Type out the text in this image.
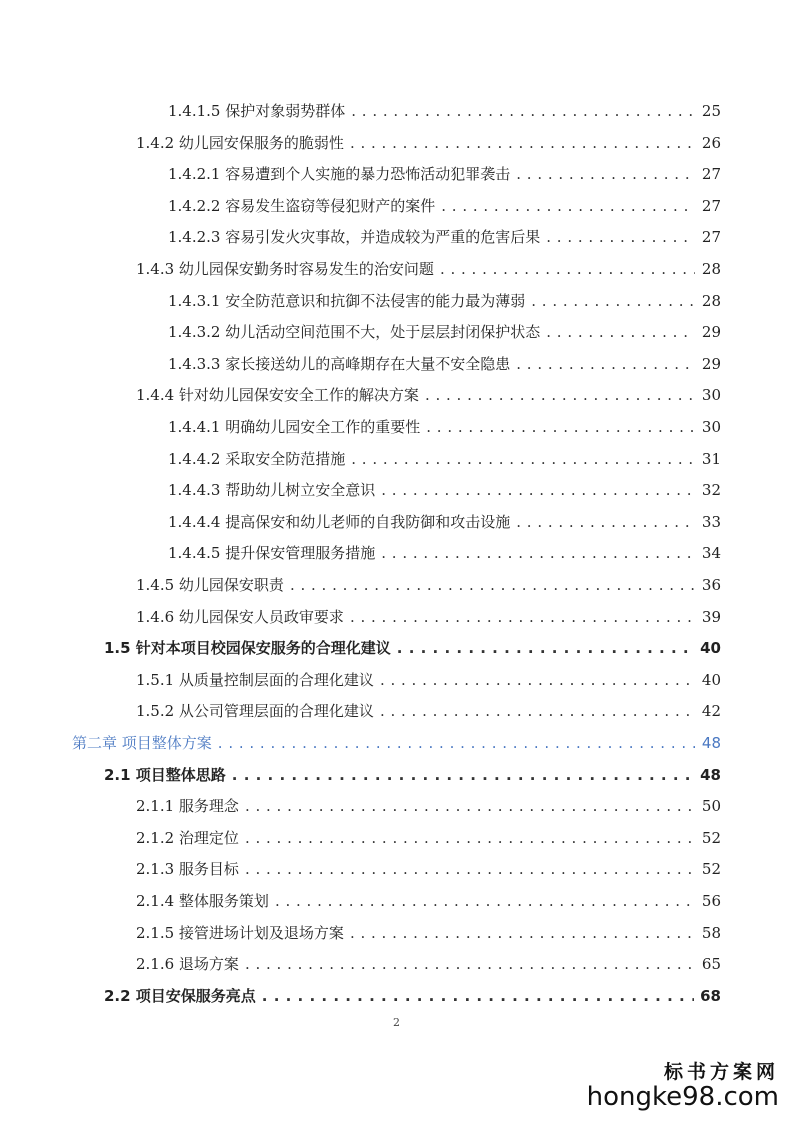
1.4.1.5 保护对象弱势群体 . . .	25
1.4.2 幼儿园安保服务的脆弱性 . . .	26
1.4.2.1 容易遭到个人实施的暴力恐怖活动犯罪袭击 . . .	27
1.4.2.2 容易发生盗窃等侵犯财产的案件 . . .	27
1.4.2.3 容易引发火灾事故，并造成较为严重的危害后果 . . .	27
1.4.3 幼儿园保安勤务时容易发生的治安问题 . . .	28
1.4.3.1 安全防范意识和抗御不法侵害的能力最为薄弱 . . .	28
1.4.3.2 幼儿活动空间范围不大，处于层层封闭保护状态 . . .	29
1.4.3.3 家长接送幼儿的高峰期存在大量不安全隐患 . . .	29
1.4.4 针对幼儿园保安安全工作的解决方案 . . .	30
1.4.4.1 明确幼儿园安全工作的重要性 . . .	30
1.4.4.2 采取安全防范措施 . . .	31
1.4.4.3 帮助幼儿树立安全意识 . . .	32
1.4.4.4 提高保安和幼儿老师的自我防御和攻击设施 . . .	33
1.4.4.5 提升保安管理服务措施 . . .	34
1.4.5 幼儿园保安职责 . . .	36
1.4.6 幼儿园保安人员政审要求 . . .	39
1.5 针对本项目校园保安服务的合理化建议 . . .	40
1.5.1 从质量控制层面的合理化建议 . . .	40
1.5.2 从公司管理层面的合理化建议 . . .	42
第二章 项目整体方案 . . .	48
2.1 项目整体思路 . . .	48
2.1.1 服务理念 . . .	50
2.1.2 治理定位 . . .	52
2.1.3 服务目标 . . .	52
2.1.4 整体服务策划 . . .	56
2.1.5 接管进场计划及退场方案 . . .	58
2.1.6 退场方案 . . .	65
2.2 项目安保服务亮点 . . .	68
2
标书方案网
hongke98.com
